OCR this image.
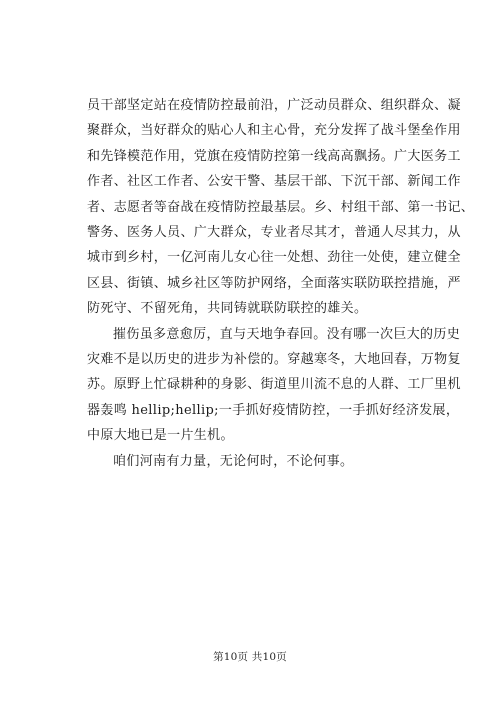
员干部坚定站在疫情防控最前沿，广泛动员群众、组织群众、凝
聚群众，当好群众的贴心人和主心骨，充分发挥了战斗堡垒作用
和先锋模范作用，党旗在疫情防控第一线高高飘扬。广大医务工
作者、社区工作者、公安干警、基层干部、下沉干部、新闻工作
者、志愿者等奋战在疫情防控最基层。乡、村组干部、第一书记、
警务、医务人员、广大群众，专业者尽其才，普通人尽其力，从
城市到乡村，一亿河南儿女心往一处想、劲往一处使，建立健全
区县、街镇、城乡社区等防护网络，全面落实联防联控措施，严
防死守、不留死角，共同铸就联防联控的雄关。

摧伤虽多意愈厉，直与天地争春回。没有哪一次巨大的历史
灾难不是以历史的进步为补偿的。穿越寒冬，大地回春，万物复
苏。原野上忙碌耕种的身影、街道里川流不息的人群、工厂里机
器轰鸣 hellip;hellip;一手抓好疫情防控，一手抓好经济发展，
中原大地已是一片生机。

咱们河南有力量，无论何时，不论何事。

第10页 共10页
